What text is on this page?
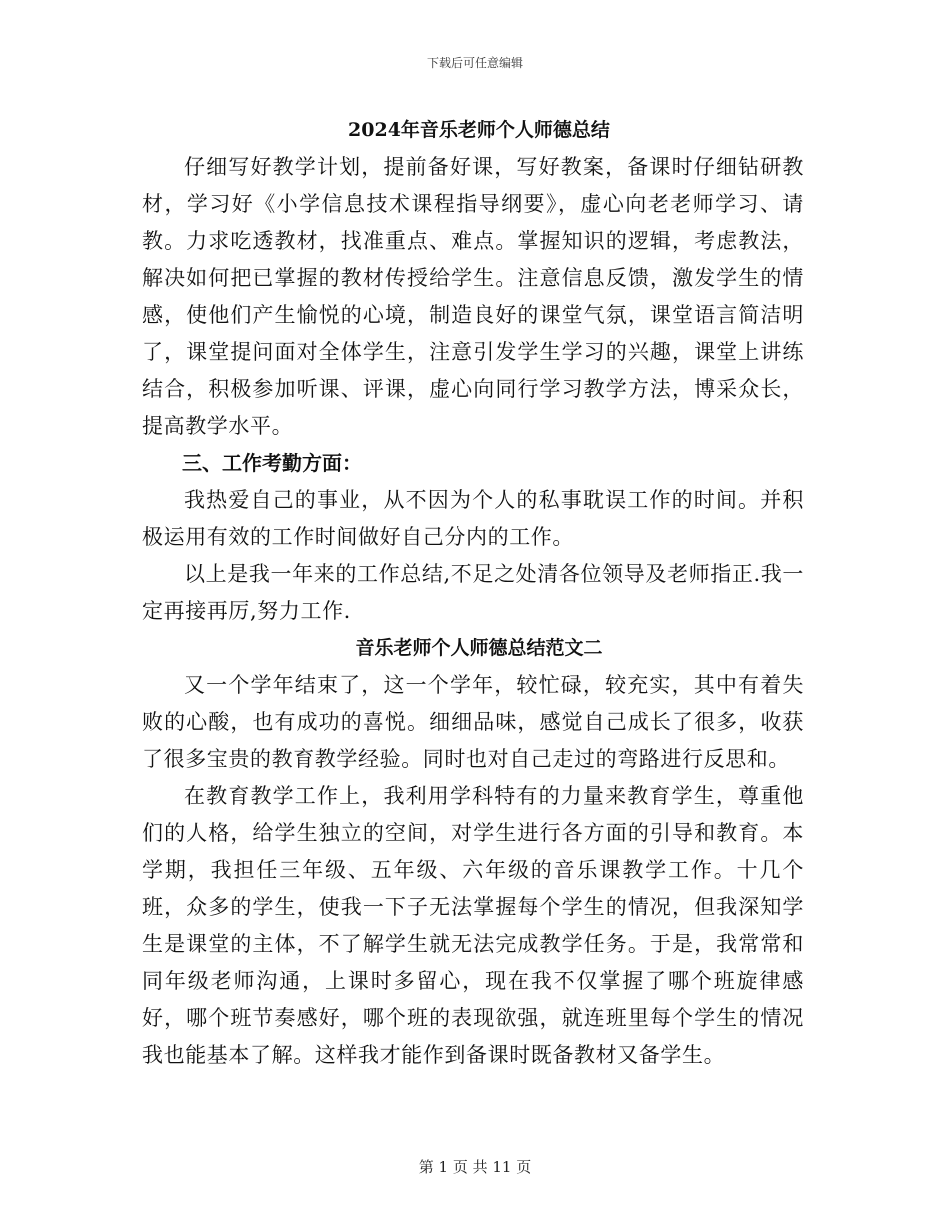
下载后可任意编辑
2024年音乐老师个人师德总结

仔细写好教学计划，提前备好课，写好教案，备课时仔细钻研教材，学习好《小学信息技术课程指导纲要》，虚心向老老师学习、请教。力求吃透教材，找准重点、难点。掌握知识的逻辑，考虑教法，解决如何把已掌握的教材传授给学生。注意信息反馈，激发学生的情感，使他们产生愉悦的心境，制造良好的课堂气氛，课堂语言简洁明了，课堂提问面对全体学生，注意引发学生学习的兴趣，课堂上讲练结合，积极参加听课、评课，虚心向同行学习教学方法，博采众长，提高教学水平。

三、工作考勤方面：

我热爱自己的事业，从不因为个人的私事耽误工作的时间。并积极运用有效的工作时间做好自己分内的工作。

以上是我一年来的工作总结,不足之处清各位领导及老师指正.我一定再接再厉,努力工作.

音乐老师个人师德总结范文二

又一个学年结束了，这一个学年，较忙碌，较充实，其中有着失败的心酸，也有成功的喜悦。细细品味，感觉自己成长了很多，收获了很多宝贵的教育教学经验。同时也对自己走过的弯路进行反思和。

在教育教学工作上，我利用学科特有的力量来教育学生，尊重他们的人格，给学生独立的空间，对学生进行各方面的引导和教育。本学期，我担任三年级、五年级、六年级的音乐课教学工作。十几个班，众多的学生，使我一下子无法掌握每个学生的情况，但我深知学生是课堂的主体，不了解学生就无法完成教学任务。于是，我常常和同年级老师沟通，上课时多留心，现在我不仅掌握了哪个班旋律感好，哪个班节奏感好，哪个班的表现欲强，就连班里每个学生的情况我也能基本了解。这样我才能作到备课时既备教材又备学生。

第 1 页 共 11 页
